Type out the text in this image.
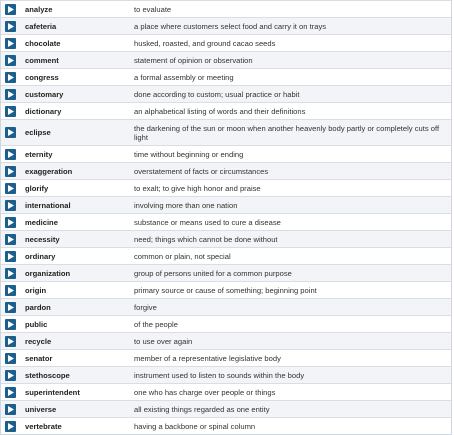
analyze	to evaluate
cafeteria	a place where customers select food and carry it on trays
chocolate	husked, roasted, and ground cacao seeds
comment	statement of opinion or observation
congress	a formal assembly or meeting
customary	done according to custom; usual practice or habit
dictionary	an alphabetical listing of words and their definitions
eclipse	the darkening of the sun or moon when another heavenly body partly or completely cuts off light
eternity	time without beginning or ending
exaggeration	overstatement of facts or circumstances
glorify	to exalt; to give high honor and praise
international	involving more than one nation
medicine	substance or means used to cure a disease
necessity	need; things which cannot be done without
ordinary	common or plain, not special
organization	group of persons united for a common purpose
origin	primary source or cause of something; beginning point
pardon	forgive
public	of the people
recycle	to use over again
senator	member of a representative legislative body
stethoscope	instrument used to listen to sounds within the body
superintendent	one who has charge over people or things
universe	all existing things regarded as one entity
vertebrate	having a backbone or spinal column
